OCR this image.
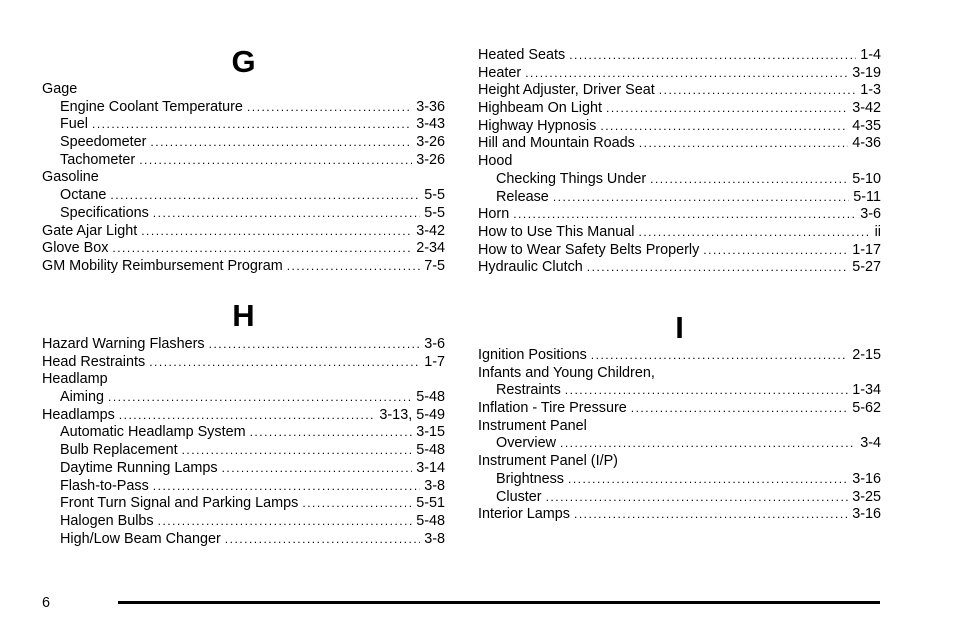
G
Gage
Engine Coolant Temperature .....	3-36
Fuel .....	3-43
Speedometer .....	3-26
Tachometer .....	3-26
Gasoline
Octane .....	5-5
Specifications .....	5-5
Gate Ajar Light .....	3-42
Glove Box .....	2-34
GM Mobility Reimbursement Program .....	7-5
H
Hazard Warning Flashers .....	3-6
Head Restraints .....	1-7
Headlamp
Aiming .....	5-48
Headlamps .....	3-13, 5-49
Automatic Headlamp System .....	3-15
Bulb Replacement .....	5-48
Daytime Running Lamps .....	3-14
Flash-to-Pass .....	3-8
Front Turn Signal and Parking Lamps .....	5-51
Halogen Bulbs .....	5-48
High/Low Beam Changer .....	3-8
Heated Seats .....	1-4
Heater .....	3-19
Height Adjuster, Driver Seat .....	1-3
Highbeam On Light .....	3-42
Highway Hypnosis .....	4-35
Hill and Mountain Roads .....	4-36
Hood
Checking Things Under .....	5-10
Release .....	5-11
Horn .....	3-6
How to Use This Manual .....	ii
How to Wear Safety Belts Properly .....	1-17
Hydraulic Clutch .....	5-27
I
Ignition Positions .....	2-15
Infants and Young Children,
Restraints .....	1-34
Inflation - Tire Pressure .....	5-62
Instrument Panel
Overview .....	3-4
Instrument Panel (I/P)
Brightness .....	3-16
Cluster .....	3-25
Interior Lamps .....	3-16
6
